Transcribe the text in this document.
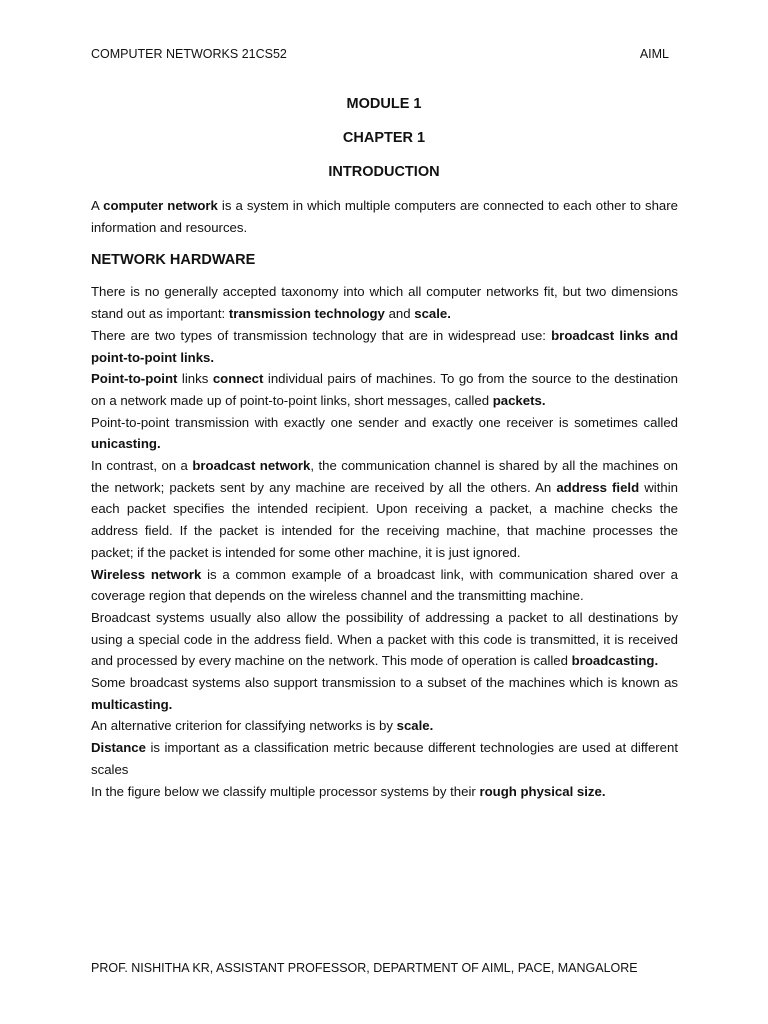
COMPUTER NETWORKS 21CS52	AIML
MODULE 1
CHAPTER 1
INTRODUCTION

A computer network is a system in which multiple computers are connected to each other to share information and resources.

NETWORK HARDWARE

There is no generally accepted taxonomy into which all computer networks fit, but two dimensions stand out as important: transmission technology and scale.

There are two types of transmission technology that are in widespread use: broadcast links and point-to-point links.

Point-to-point links connect individual pairs of machines. To go from the source to the destination on a network made up of point-to-point links, short messages, called packets.

Point-to-point transmission with exactly one sender and exactly one receiver is sometimes called unicasting.

In contrast, on a broadcast network, the communication channel is shared by all the machines on the network; packets sent by any machine are received by all the others. An address field within each packet specifies the intended recipient. Upon receiving a packet, a machine checks the address field. If the packet is intended for the receiving machine, that machine processes the packet; if the packet is intended for some other machine, it is just ignored.

Wireless network is a common example of a broadcast link, with communication shared over a coverage region that depends on the wireless channel and the transmitting machine.

Broadcast systems usually also allow the possibility of addressing a packet to all destinations by using a special code in the address field. When a packet with this code is transmitted, it is received and processed by every machine on the network. This mode of operation is called broadcasting.

Some broadcast systems also support transmission to a subset of the machines which is known as multicasting.

An alternative criterion for classifying networks is by scale.

Distance is important as a classification metric because different technologies are used at different scales

In the figure below we classify multiple processor systems by their rough physical size.

PROF. NISHITHA KR, ASSISTANT PROFESSOR, DEPARTMENT OF AIML, PACE, MANGALORE
